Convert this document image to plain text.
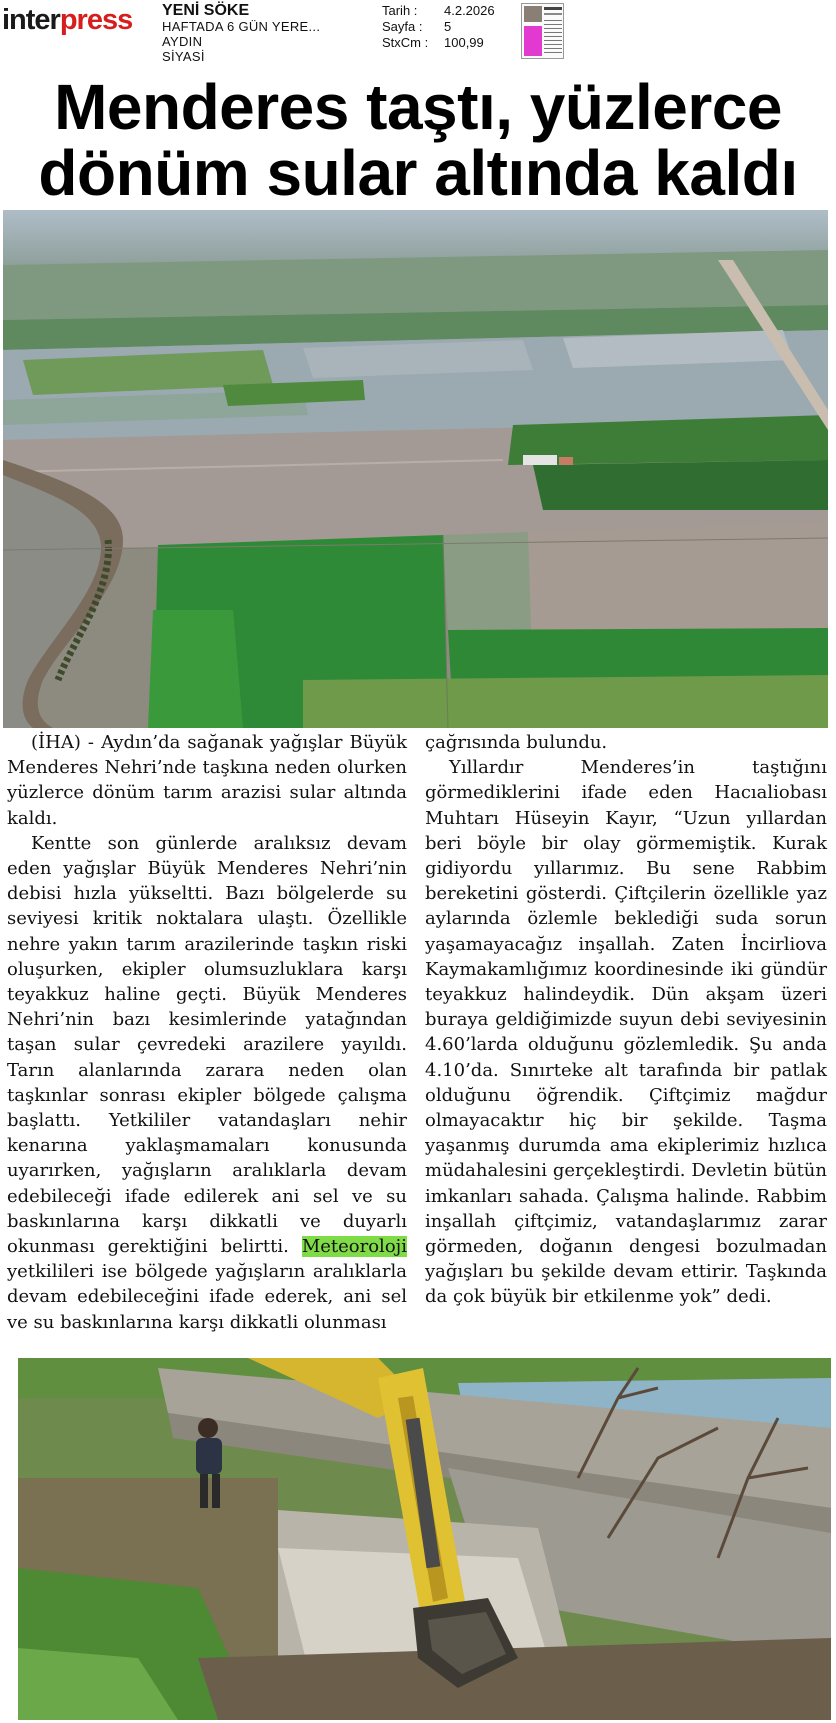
interpress YENİ SÖKE
HAFTADA 6 GÜN YERE...
AYDIN
SİYASİ
Tarih :	4.2.2026
Sayfa :	5
StxCm :	100,99
Menderes taştı, yüzlerce
dönüm sular altında kaldı

(İHA) - Aydın’da sağanak yağışlar Büyük Menderes Nehri’nde taşkına neden olurken yüzlerce dönüm tarım arazisi sular altında kaldı.

Kentte son günlerde aralıksız devam eden yağışlar Büyük Menderes Nehri’nin debisi hızla yükseltti. Bazı bölgelerde su seviyesi kritik noktalara ulaştı. Özellikle nehre yakın tarım arazilerinde taşkın riski oluşurken, ekipler olumsuzluklara karşı teyakkuz haline geçti. Büyük Menderes Nehri’nin bazı kesimlerinde yatağından taşan sular çevredeki arazilere yayıldı. Tarın alanlarında zarara neden olan taşkınlar sonrası ekipler bölgede çalışma başlattı. Yetkililer vatandaşları nehir kenarına yaklaşmamaları konusunda uyarırken, yağışların aralıklarla devam edebileceği ifade edilerek ani sel ve su baskınlarına karşı dikkatli ve duyarlı okunması gerektiğini belirtti. Meteoroloji yetkilileri ise bölgede yağışların aralıklarla devam edebileceğini ifade ederek, ani sel ve su baskınlarına karşı dikkatli olunması

çağrısında bulundu.

Yıllardır Menderes’in taştığını görmediklerini ifade eden Hacıaliobası Muhtarı Hüseyin Kayır, “Uzun yıllardan beri böyle bir olay görmemiştik. Kurak gidiyordu yıllarımız. Bu sene Rabbim bereketini gösterdi. Çiftçilerin özellikle yaz aylarında özlemle beklediği suda sorun yaşamayacağız inşallah. Zaten İncirliova Kaymakamlığımız koordinesinde iki gündür teyakkuz halindeydik. Dün akşam üzeri buraya geldiğimizde suyun debi seviyesinin 4.60’larda olduğunu gözlemledik. Şu anda 4.10’da. Sınırteke alt tarafında bir patlak olduğunu öğrendik. Çiftçimiz mağdur olmayacaktır hiç bir şekilde. Taşma yaşanmış durumda ama ekiplerimiz hızlıca müdahalesini gerçekleştirdi. Devletin bütün imkanları sahada. Çalışma halinde. Rabbim inşallah çiftçimiz, vatandaşlarımız zarar görmeden, doğanın dengesi bozulmadan yağışları bu şekilde devam ettirir. Taşkında da çok büyük bir etkilenme yok” dedi.
